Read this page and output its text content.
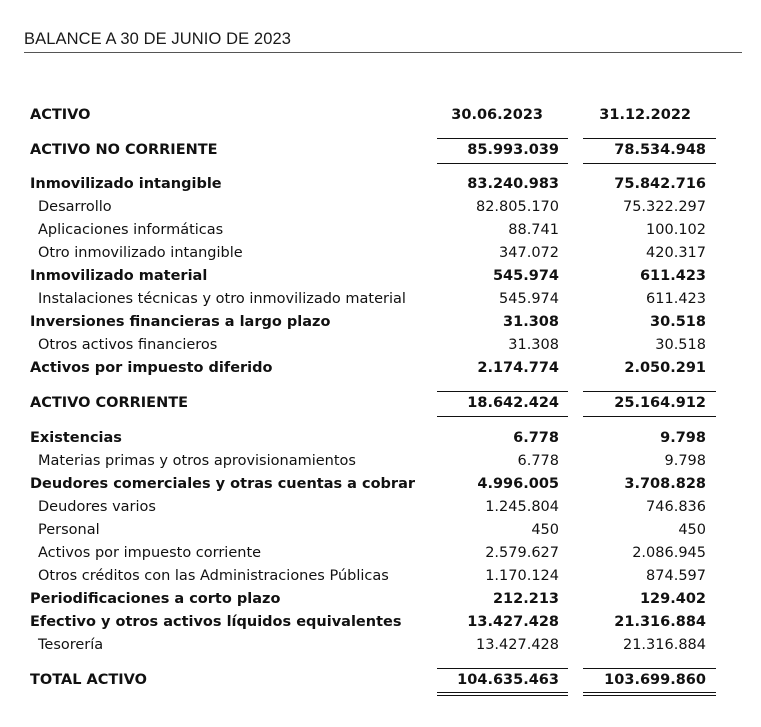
BALANCE A 30 DE JUNIO DE 2023
ACTIVO	30.06.2023	31.12.2022
ACTIVO NO CORRIENTE	85.993.039	78.534.948
Inmovilizado intangible	83.240.983	75.842.716
Desarrollo	82.805.170	75.322.297
Aplicaciones informáticas	88.741	100.102
Otro inmovilizado intangible	347.072	420.317
Inmovilizado material	545.974	611.423
Instalaciones técnicas y otro inmovilizado material	545.974	611.423
Inversiones financieras a largo plazo	31.308	30.518
Otros activos financieros	31.308	30.518
Activos por impuesto diferido	2.174.774	2.050.291
ACTIVO CORRIENTE	18.642.424	25.164.912
Existencias	6.778	9.798
Materias primas y otros aprovisionamientos	6.778	9.798
Deudores comerciales y otras cuentas a cobrar	4.996.005	3.708.828
Deudores varios	1.245.804	746.836
Personal	450	450
Activos por impuesto corriente	2.579.627	2.086.945
Otros créditos con las Administraciones Públicas	1.170.124	874.597
Periodificaciones a corto plazo	212.213	129.402
Efectivo y otros activos líquidos equivalentes	13.427.428	21.316.884
Tesorería	13.427.428	21.316.884
TOTAL ACTIVO	104.635.463	103.699.860
